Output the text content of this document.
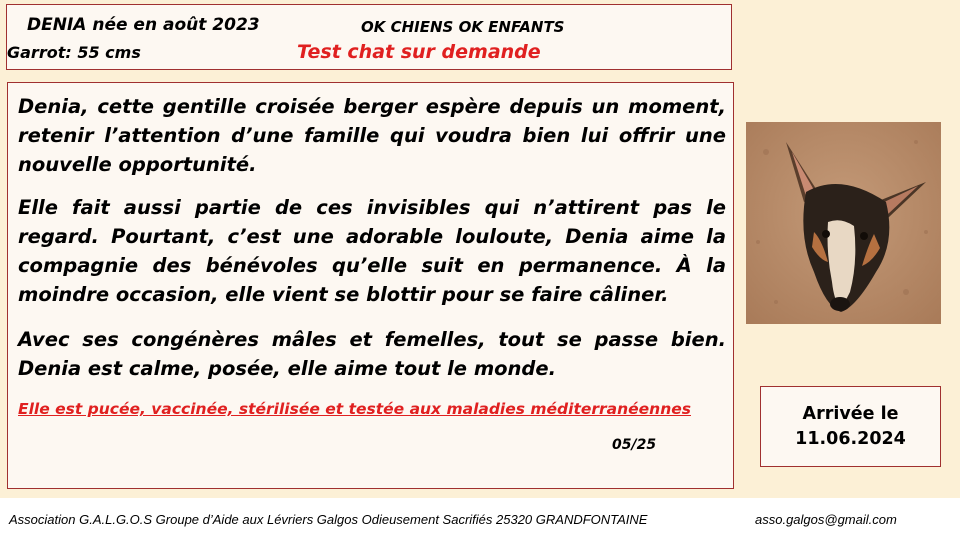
DENIA née en août 2023	OK CHIENS OK ENFANTS
Garrot: 55 cms	Test chat sur demande

Denia, cette gentille croisée berger espère depuis un moment, retenir l’attention d’une famille qui voudra bien lui offrir une nouvelle opportunité.

Elle fait aussi partie de ces invisibles qui n’attirent pas le regard. Pourtant, c’est une adorable louloute, Denia aime la compagnie des bénévoles qu’elle suit en permanence. À la moindre occasion, elle vient se blottir pour se faire câliner.

Avec ses congénères mâles et femelles, tout se passe bien. Denia est calme, posée, elle aime tout le monde.

Elle est pucée, vaccinée, stérilisée et testée aux maladies méditerranéennes

05/25
Arrivée le
11.06.2024
Association G.A.L.G.O.S Groupe d’Aide aux Lévriers Galgos Odieusement Sacrifiés 25320 GRANDFONTAINE	asso.galgos@gmail.com
